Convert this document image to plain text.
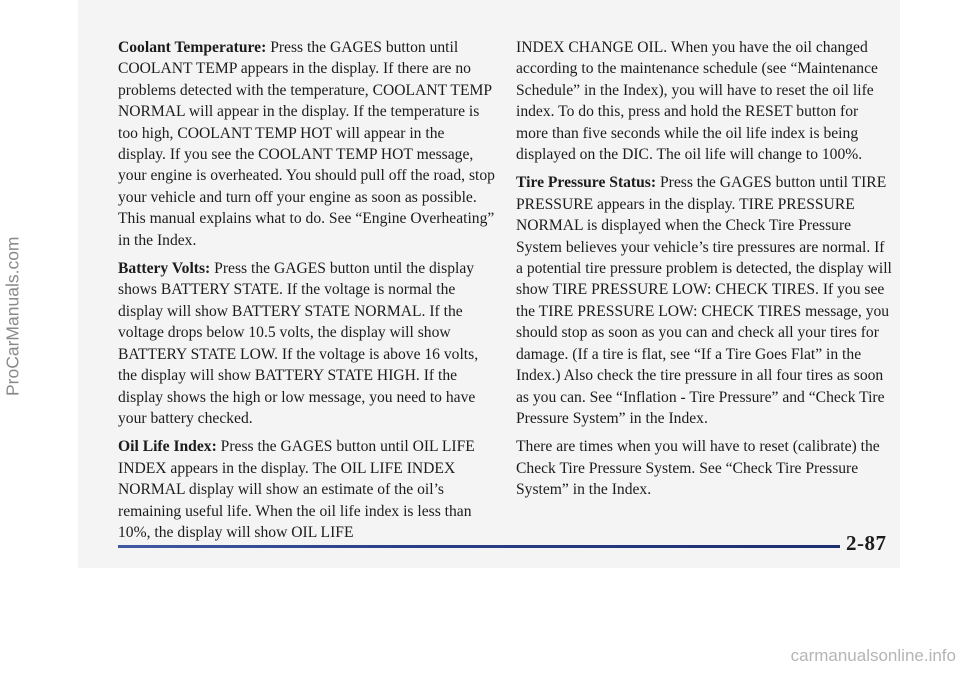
Coolant Temperature: Press the GAGES button until COOLANT TEMP appears in the display. If there are no problems detected with the temperature, COOLANT TEMP NORMAL will appear in the display. If the temperature is too high, COOLANT TEMP HOT will appear in the display. If you see the COOLANT TEMP HOT message, your engine is overheated. You should pull off the road, stop your vehicle and turn off your engine as soon as possible. This manual explains what to do. See “Engine Overheating” in the Index.

Battery Volts: Press the GAGES button until the display shows BATTERY STATE. If the voltage is normal the display will show BATTERY STATE NORMAL. If the voltage drops below 10.5 volts, the display will show BATTERY STATE LOW. If the voltage is above 16 volts, the display will show BATTERY STATE HIGH. If the display shows the high or low message, you need to have your battery checked.

Oil Life Index: Press the GAGES button until OIL LIFE INDEX appears in the display. The OIL LIFE INDEX NORMAL display will show an estimate of the oil’s remaining useful life. When the oil life index is less than 10%, the display will show OIL LIFE

INDEX CHANGE OIL. When you have the oil changed according to the maintenance schedule (see “Maintenance Schedule” in the Index), you will have to reset the oil life index. To do this, press and hold the RESET button for more than five seconds while the oil life index is being displayed on the DIC. The oil life will change to 100%.

Tire Pressure Status: Press the GAGES button until TIRE PRESSURE appears in the display. TIRE PRESSURE NORMAL is displayed when the Check Tire Pressure System believes your vehicle’s tire pressures are normal. If a potential tire pressure problem is detected, the display will show TIRE PRESSURE LOW: CHECK TIRES. If you see the TIRE PRESSURE LOW: CHECK TIRES message, you should stop as soon as you can and check all your tires for damage. (If a tire is flat, see “If a Tire Goes Flat” in the Index.) Also check the tire pressure in all four tires as soon as you can. See “Inflation - Tire Pressure” and “Check Tire Pressure System” in the Index.

There are times when you will have to reset (calibrate) the Check Tire Pressure System. See “Check Tire Pressure System” in the Index.

2-87
ProCarManuals.com
carmanualsonline.info
